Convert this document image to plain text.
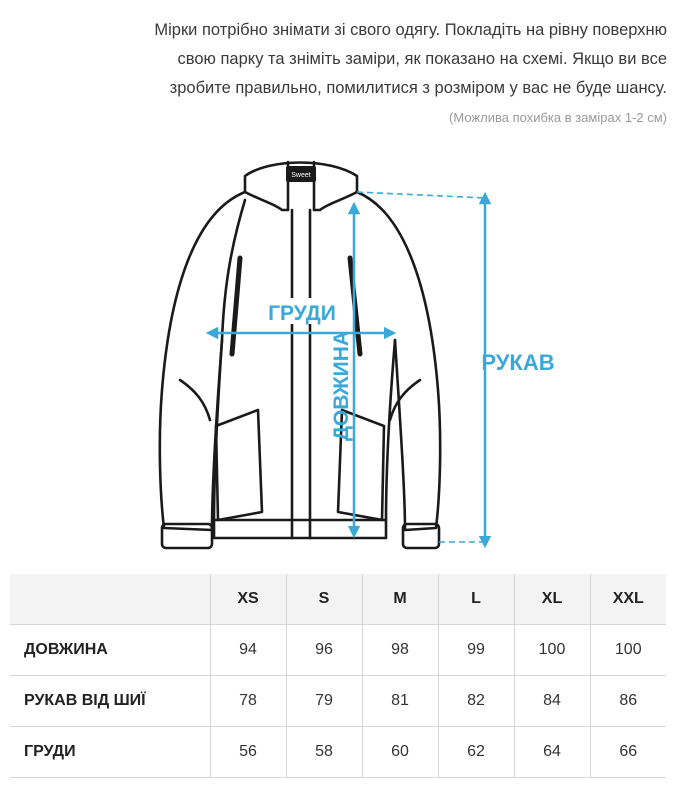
Мірки потрібно знімати зі свого одягу. Покладіть на рівну поверхню

свою парку та зніміть заміри, як показано на схемі. Якщо ви все

зробите правильно, помилитися з розміром у вас не буде шансу.

(Можлива похибка в замірах 1-2 см)
Sweet
ГРУДИ
ДОВЖИНА	РУКАВ
	XS	S	M	L	XL	XXL
ДОВЖИНА	94	96	98	99	100	100
РУКАВ ВІД ШИЇ	78	79	81	82	84	86
ГРУДИ	56	58	60	62	64	66
